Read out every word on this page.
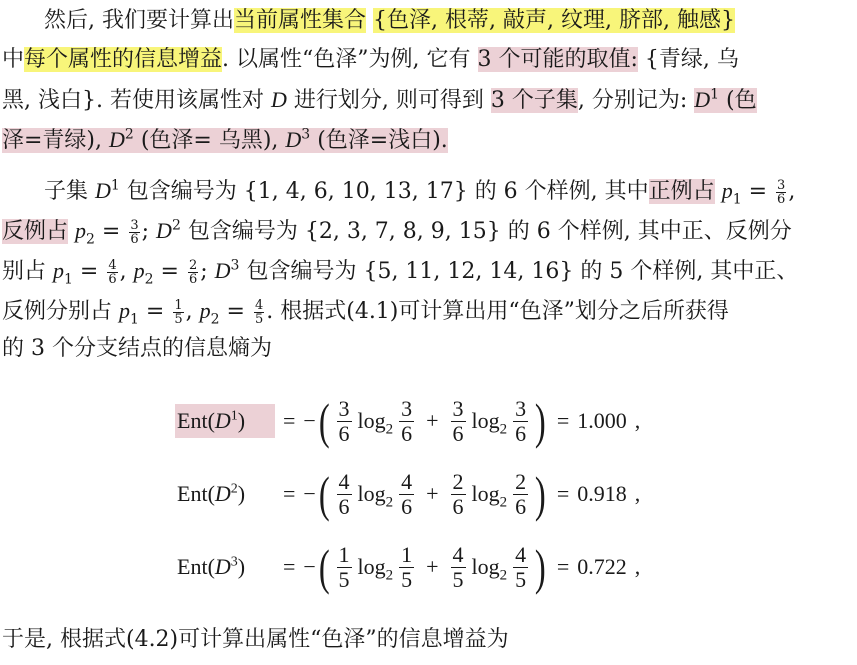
然后, 我们要计算出当前属性集合 {色泽, 根蒂, 敲声, 纹理, 脐部, 触感}
中每个属性的信息增益. 以属性“色泽”为例, 它有 3 个可能的取值: {青绿, 乌
黑, 浅白}. 若使用该属性对 D 进行划分, 则可得到 3 个子集, 分别记为: $D^1$ (色
泽=青绿), $D^2$ (色泽= 乌黑), $D^3$ (色泽=浅白).
子集 $D^1$ 包含编号为 {1, 4, 6, 10, 13, 17} 的 6 个样例, 其中正例占 $p_1 = \frac{3}{6}$ ,
反例占 $p_2 = \frac{3}{6}$ ; $D^2$ 包含编号为 {2, 3, 7, 8, 9, 15} 的 6 个样例, 其中正、反例分
别占 $p_1 = \frac{4}{6}$ , $p_2 = \frac{2}{6}$ ; $D^3$ 包含编号为 {5, 11, 12, 14, 16} 的 5 个样例, 其中正、
反例分别占 $p_1 = \frac{1}{5}$ , $p_2 = \frac{4}{5}$ . 根据式(4.1)可计算出用“色泽”划分之后所获得
的 3 个分支结点的信息熵为
$Ent(D^1)$	= − ( $\frac{3}{6} \log_2 \frac{3}{6} + \frac{3}{6} \log_2 \frac{3}{6}$ ) = 1.000 ,
$Ent(D^2)$	= − ( $\frac{4}{6} \log_2 \frac{4}{6} + \frac{2}{6} \log_2 \frac{2}{6}$ ) = 0.918 ,
$Ent(D^3)$	= − ( $\frac{1}{5} \log_2 \frac{1}{5} + \frac{4}{5} \log_2 \frac{4}{5}$ ) = 0.722 ,
于是, 根据式(4.2)可计算出属性“色泽”的信息增益为
